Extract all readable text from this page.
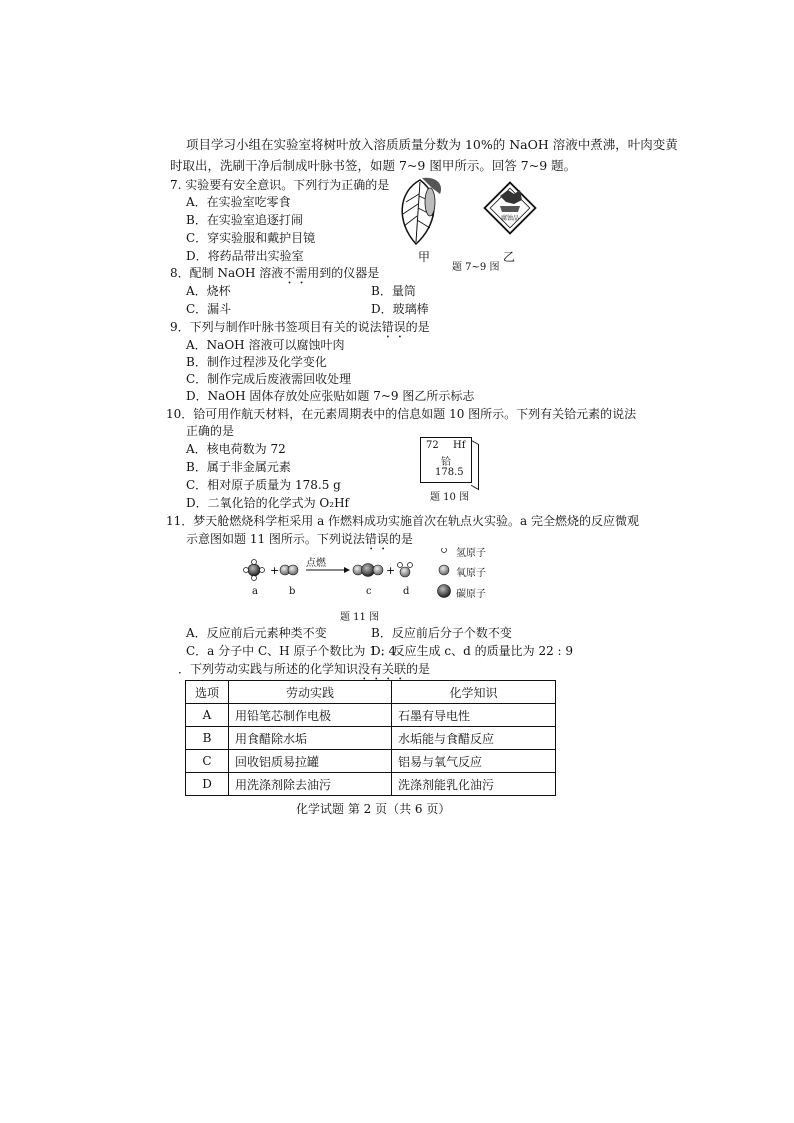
项目学习小组在实验室将树叶放入溶质质量分数为 10%的 NaOH 溶液中煮沸，叶肉变黄
时取出，洗刷干净后制成叶脉书签，如题 7~9 图甲所示。回答 7~9 题。
7. 实验要有安全意识。下列行为正确的是
A．在实验室吃零食
B．在实验室追逐打闹
C．穿实验服和戴护目镜
D．将药品带出实验室
腐蚀品
甲	乙
题 7~9 图
8．配制 NaOH 溶液不需用到的仪器是
A．烧杯	B．量筒
C．漏斗	D．玻璃棒
9．下列与制作叶脉书签项目有关的说法错误的是
A．NaOH 溶液可以腐蚀叶肉
B．制作过程涉及化学变化
C．制作完成后废液需回收处理
D．NaOH 固体存放处应张贴如题 7~9 图乙所示标志
10．铪可用作航天材料，在元素周期表中的信息如题 10 图所示。下列有关铪元素的说法
正确的是
A．核电荷数为 72
B．属于非金属元素
C．相对原子质量为 178.5 g
D．二氧化铪的化学式为 O₂Hf
72 Hf
铪
178.5
题 10 图
11．梦天舱燃烧科学柜采用 a 作燃料成功实施首次在轨点火实验。a 完全燃烧的反应微观
示意图如题 11 图所示。下列说法错误的是
+	+
点燃
a	b	c	d
氢原子
氧原子
碳原子
题 11 图
A．反应前后元素种类不变	B．反应前后分子个数不变
C．a 分子中 C、H 原子个数比为 1 : 4
D．反应生成 c、d 的质量比为 22 : 9
．下列劳动实践与所述的化学知识没有关联的是
选项	劳动实践	化学知识
A	用铅笔芯制作电极	石墨有导电性
B	用食醋除水垢	水垢能与食醋反应
C	回收铝质易拉罐	铝易与氧气反应
D	用洗涤剂除去油污	洗涤剂能乳化油污
化学试题 第 2 页（共 6 页）
